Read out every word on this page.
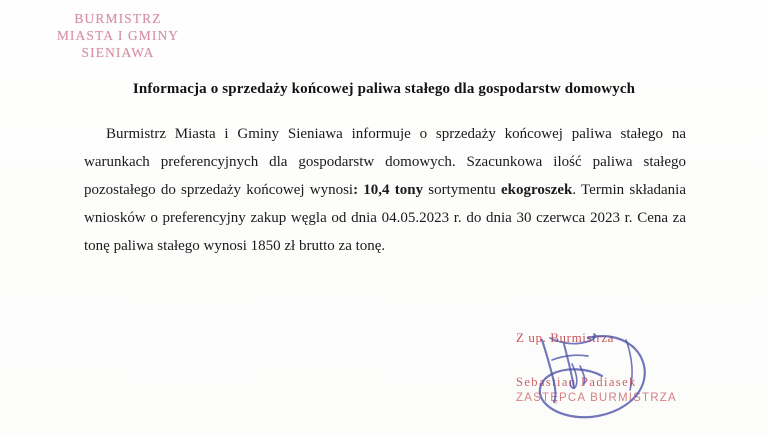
BURMISTRZ
MIASTA I GMINY
SIENIAWA
Informacja o sprzedaży końcowej paliwa stałego dla gospodarstw domowych

Burmistrz Miasta i Gminy Sieniawa informuje o sprzedaży końcowej paliwa stałego na warunkach preferencyjnych dla gospodarstw domowych. Szacunkowa ilość paliwa stałego pozostałego do sprzedaży końcowej wynosi: 10,4 tony sortymentu ekogroszek. Termin składania wniosków o preferencyjny zakup węgla od dnia 04.05.2023 r. do dnia 30 czerwca 2023 r. Cena za tonę paliwa stałego wynosi 1850 zł brutto za tonę.

Z up. Burmistrza
Sebastian Padiasek
ZASTĘPCA BURMISTRZA
